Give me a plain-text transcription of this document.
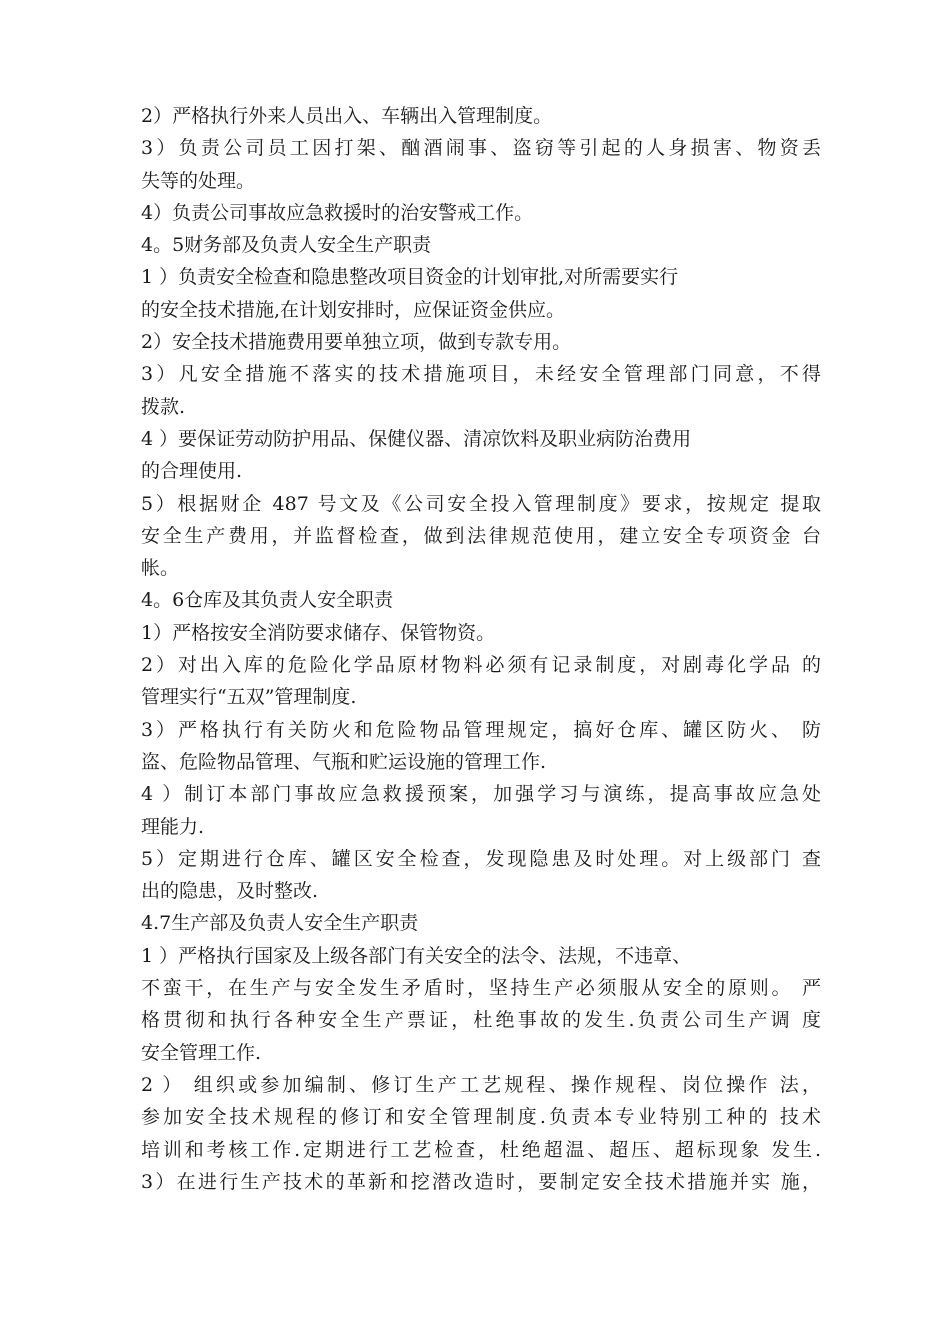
2）严格执行外来人员出入、车辆出入管理制度。
3）负责公司员工因打架、酗酒闹事、盗窃等引起的人身损害、物资丢
失等的处理。
4）负责公司事故应急救援时的治安警戒工作。
4。5财务部及负责人安全生产职责
1 ）负责安全检查和隐患整改项目资金的计划审批,对所需要实行
的安全技术措施,在计划安排时，应保证资金供应。
2）安全技术措施费用要单独立项，做到专款专用。
3）凡安全措施不落实的技术措施项目，未经安全管理部门同意，不得
拨款.
4 ）要保证劳动防护用品、保健仪器、清凉饮料及职业病防治费用
的合理使用.
5）根据财企 487 号文及《公司安全投入管理制度》要求，按规定 提取
安全生产费用，并监督检查，做到法律规范使用，建立安全专项资金 台
帐。
4。6仓库及其负责人安全职责
1）严格按安全消防要求储存、保管物资。
2）对出入库的危险化学品原材物料必须有记录制度，对剧毒化学品 的
管理实行“五双”管理制度.
3）严格执行有关防火和危险物品管理规定，搞好仓库、罐区防火、 防
盗、危险物品管理、气瓶和贮运设施的管理工作.
4 ）制订本部门事故应急救援预案，加强学习与演练，提高事故应急处
理能力.
5）定期进行仓库、罐区安全检查，发现隐患及时处理。对上级部门 查
出的隐患，及时整改.
4.7生产部及负责人安全生产职责
1 ）严格执行国家及上级各部门有关安全的法令、法规，不违章、
不蛮干，在生产与安全发生矛盾时，坚持生产必须服从安全的原则。 严
格贯彻和执行各种安全生产票证，杜绝事故的发生.负责公司生产调 度
安全管理工作.
2 ） 组织或参加编制、修订生产工艺规程、操作规程、岗位操作 法，
参加安全技术规程的修订和安全管理制度.负责本专业特别工种的 技术
培训和考核工作.定期进行工艺检查，杜绝超温、超压、超标现象 发生.
3）在进行生产技术的革新和挖潜改造时，要制定安全技术措施并实 施，
